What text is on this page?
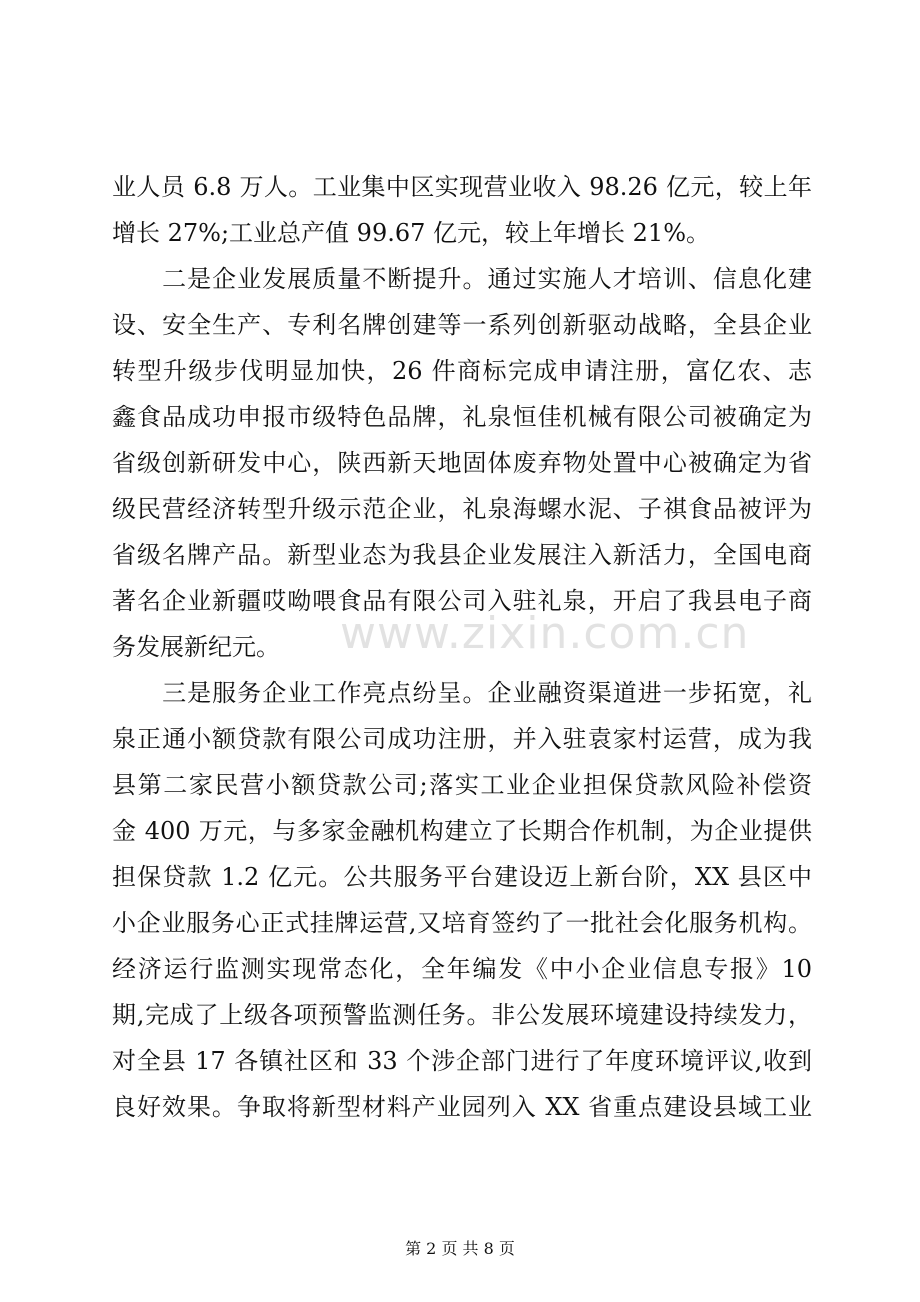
业人员 6.8 万人。工业集中区实现营业收入 98.26 亿元，较上年
增长 27%;工业总产值 99.67 亿元，较上年增长 21%。
　　二是企业发展质量不断提升。通过实施人才培训、信息化建
设、安全生产、专利名牌创建等一系列创新驱动战略，全县企业
转型升级步伐明显加快，26 件商标完成申请注册，富亿农、志
鑫食品成功申报市级特色品牌，礼泉恒佳机械有限公司被确定为
省级创新研发中心，陕西新天地固体废弃物处置中心被确定为省
级民营经济转型升级示范企业，礼泉海螺水泥、子祺食品被评为
省级名牌产品。新型业态为我县企业发展注入新活力，全国电商
著名企业新疆哎呦喂食品有限公司入驻礼泉，开启了我县电子商
务发展新纪元。
　　三是服务企业工作亮点纷呈。企业融资渠道进一步拓宽，礼
泉正通小额贷款有限公司成功注册，并入驻袁家村运营，成为我
县第二家民营小额贷款公司;落实工业企业担保贷款风险补偿资
金 400 万元，与多家金融机构建立了长期合作机制，为企业提供
担保贷款 1.2 亿元。公共服务平台建设迈上新台阶，XX 县区中
小企业服务心正式挂牌运营,又培育签约了一批社会化服务机构。
经济运行监测实现常态化，全年编发《中小企业信息专报》10
期,完成了上级各项预警监测任务。非公发展环境建设持续发力，
对全县 17 各镇社区和 33 个涉企部门进行了年度环境评议,收到
良好效果。争取将新型材料产业园列入 XX 省重点建设县域工业
www.zixin.com.cn
第 2 页 共 8 页
